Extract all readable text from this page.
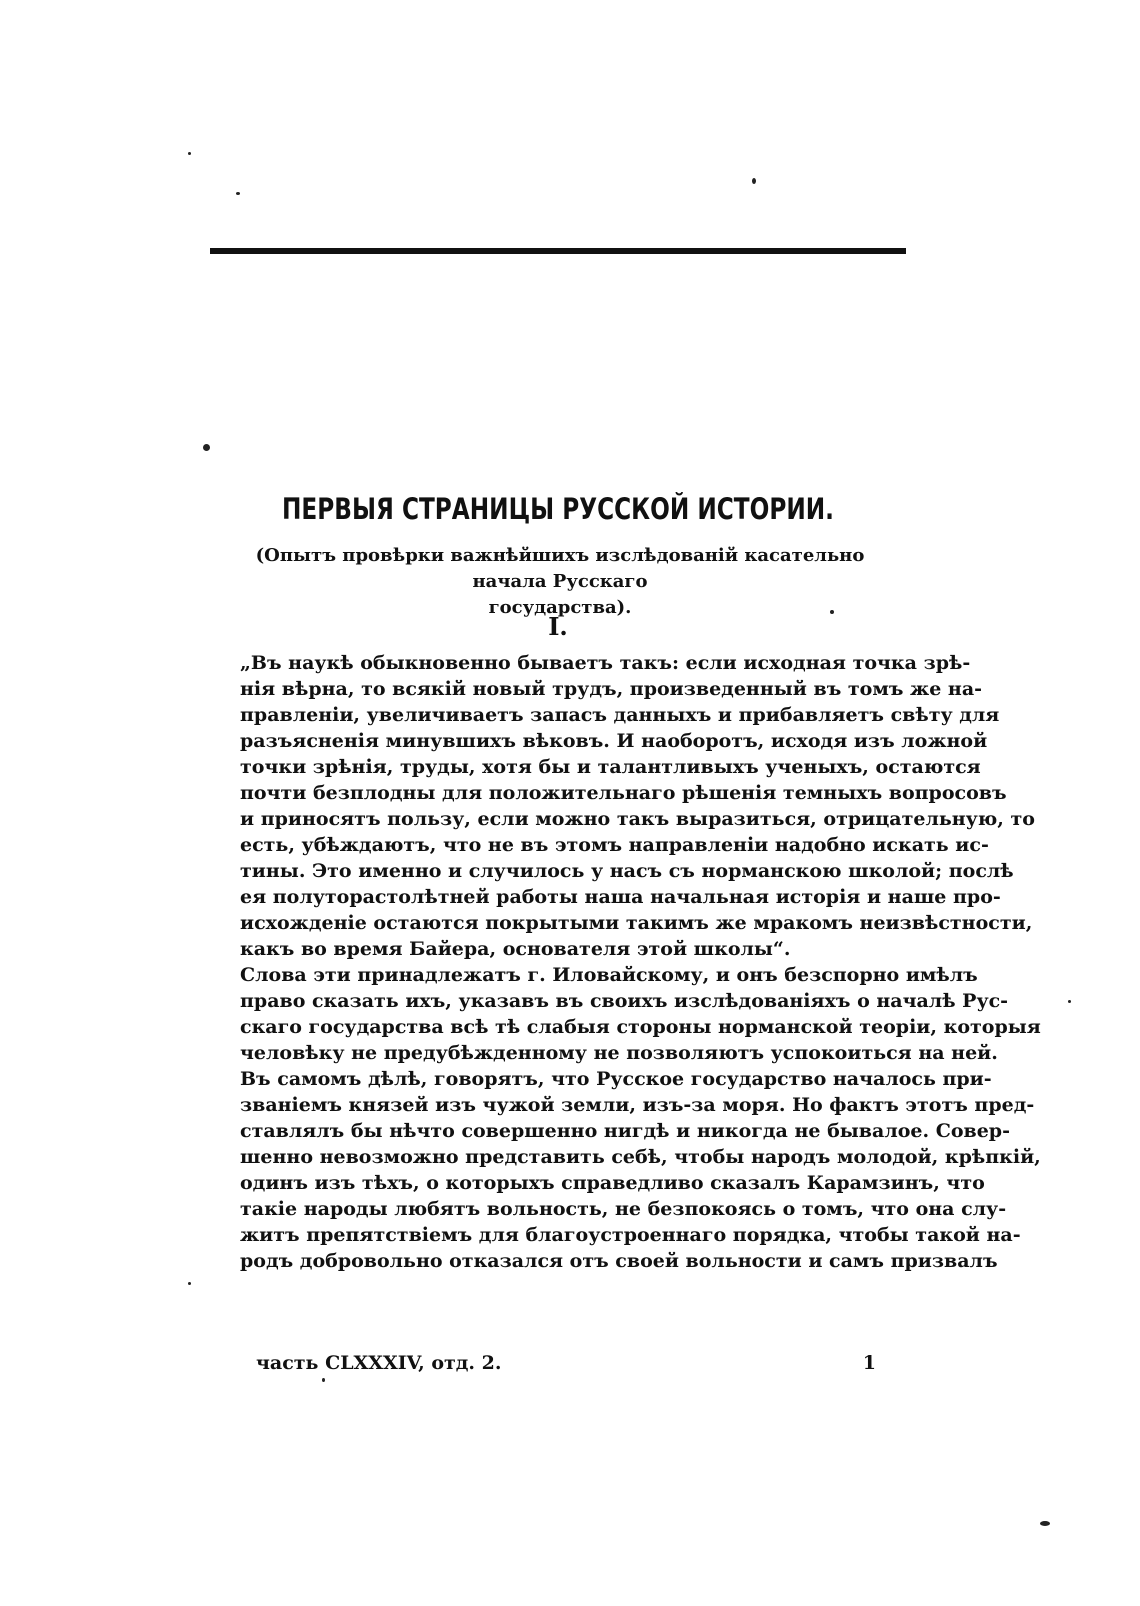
ПЕРВЫЯ СТРАНИЦЫ РУССКОЙ ИСТОРИИ.
(Опытъ провѣрки важнѣйшихъ изслѣдованій касательно начала Русскаго
государства).
I.
„Въ наукѣ обыкновенно бываетъ такъ: если исходная точка зрѣ-
нія вѣрна, то всякій новый трудъ, произведенный въ томъ же на-
правленіи, увеличиваетъ запасъ данныхъ и прибавляетъ свѣту для
разъясненія минувшихъ вѣковъ. И наоборотъ, исходя изъ ложной
точки зрѣнія, труды, хотя бы и талантливыхъ ученыхъ, остаются
почти безплодны для положительнаго рѣшенія темныхъ вопросовъ
и приносятъ пользу, если можно такъ выразиться, отрицательную, то
есть, убѣждаютъ, что не въ этомъ направленіи надобно искать ис-
тины. Это именно и случилось у насъ съ норманскою школой; послѣ
ея полуторастолѣтней работы наша начальная исторія и наше про-
исхожденіе остаются покрытыми такимъ же мракомъ неизвѣстности,
какъ во время Байера, основателя этой школы“.
Слова эти принадлежатъ г. Иловайскому, и онъ безспорно имѣлъ
право сказать ихъ, указавъ въ своихъ изслѣдованіяхъ о началѣ Рус-
скаго государства всѣ тѣ слабыя стороны норманской теоріи, которыя
человѣку не предубѣжденному не позволяютъ успокоиться на ней.
Въ самомъ дѣлѣ, говорятъ, что Русское государство началось при-
званіемъ князей изъ чужой земли, изъ-за моря. Но фактъ этотъ пред-
ставлялъ бы нѣчто совершенно нигдѣ и никогда не бывалое. Совер-
шенно невозможно представить себѣ, чтобы народъ молодой, крѣпкій,
одинъ изъ тѣхъ, о которыхъ справедливо сказалъ Карамзинъ, что
такіе народы любятъ вольность, не безпокоясь о томъ, что она слу-
житъ препятствіемъ для благоустроеннаго порядка, чтобы такой на-
родъ добровольно отказался отъ своей вольности и самъ призвалъ
часть CLXXXIV, отд. 2.	1
